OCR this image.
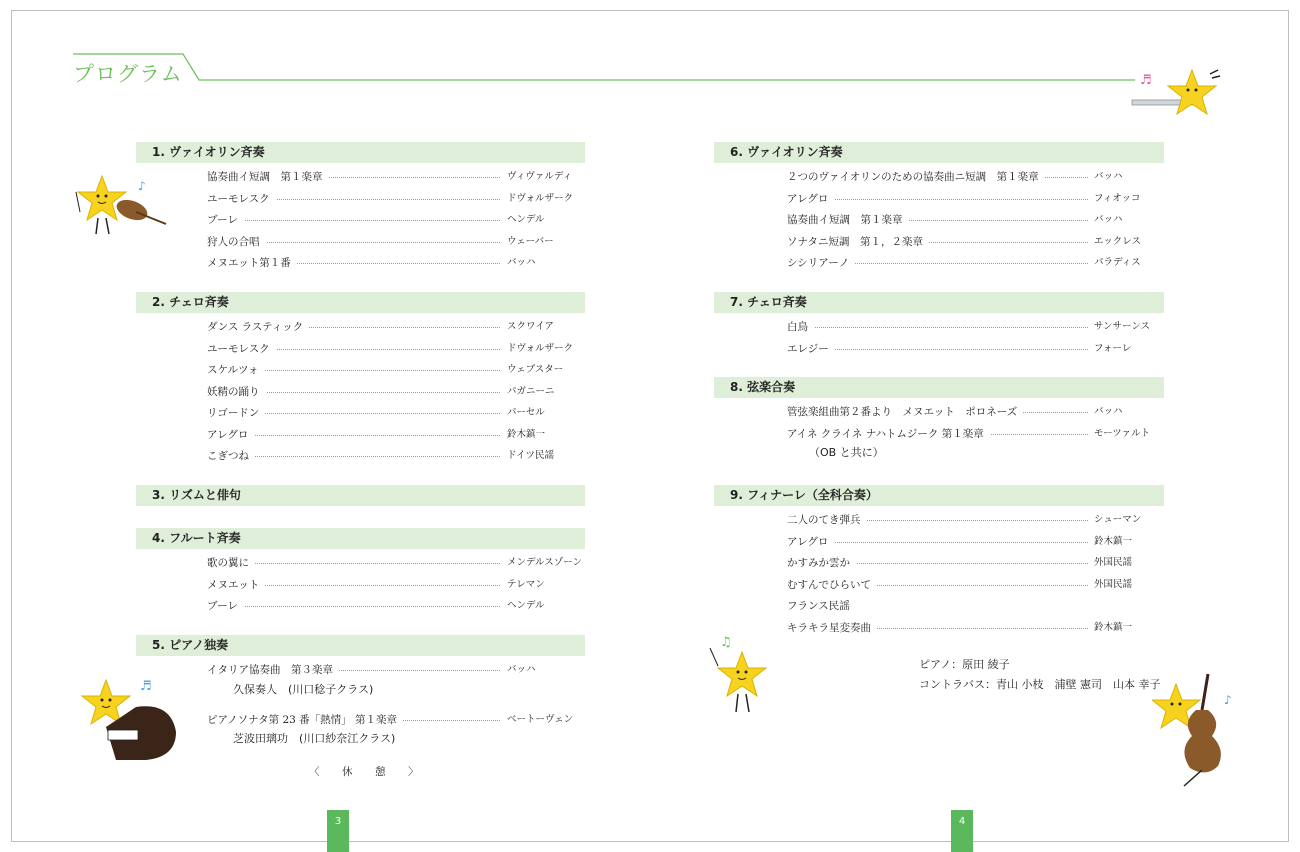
プログラム
1. ヴァイオリン斉奏
協奏曲イ短調　第１楽章	ヴィヴァルディ
ユーモレスク	ドヴォルザーク
ブーレ	ヘンデル
狩人の合唱	ウェーバー
メヌエット第１番	バッハ
2. チェロ斉奏
ダンス ラスティック	スクワイア
ユーモレスク	ドヴォルザーク
スケルツォ	ウェブスター
妖精の踊り	パガニーニ
リゴードン	パーセル
アレグロ	鈴木鎮一
こぎつね	ドイツ民謡
3. リズムと俳句
4. フルート斉奏
歌の翼に	メンデルスゾーン
メヌエット	テレマン
ブーレ	ヘンデル
5. ピアノ独奏
イタリア協奏曲　第３楽章	バッハ
久保奏人　(川口稔子クラス)
ピアノソナタ第 23 番「熱情」 第１楽章	ベートーヴェン
芝波田璃功　(川口紗奈江クラス)
6. ヴァイオリン斉奏
２つのヴァイオリンのための協奏曲ニ短調　第１楽章	バッハ
アレグロ	フィオッコ
協奏曲イ短調　第１楽章	バッハ
ソナタニ短調　第１，２楽章	エックレス
シシリアーノ	パラディス
7. チェロ斉奏
白鳥	サンサーンス
エレジー	フォーレ
8. 弦楽合奏
管弦楽組曲第２番より　メヌエット　ポロネーズ	バッハ
アイネ クライネ ナハトムジーク 第１楽章	モーツァルト
（OB と共に）
9. フィナーレ（全科合奏）
二人のてき弾兵	シューマン
アレグロ	鈴木鎮一
かすみか雲か	外国民謡
むすんでひらいて	外国民謡
フランス民謡
キラキラ星変奏曲	鈴木鎮一
〈　休　憩　〉
3	4
ピアノ：原田 綾子
コントラバス：青山 小枝　浦壁 憲司　山本 幸子
♪
♬
♬
♫
♪
